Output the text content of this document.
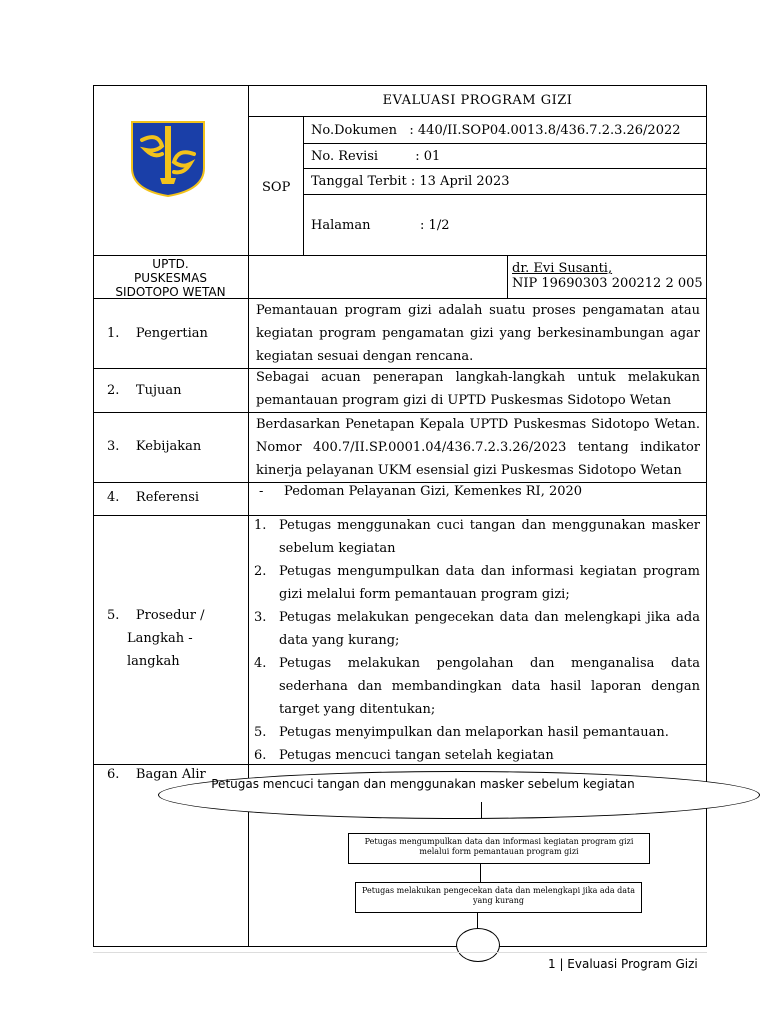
EVALUASI PROGRAM GIZI
SOP
No.Dokumen   : 440/II.SOP04.0013.8/436.7.2.3.26/2022
No. Revisi         : 01
Tanggal Terbit : 13 April 2023
Halaman            : 1/2
UPTD.
PUSKESMAS
SIDOTOPO WETAN
dr. Evi Susanti,
NIP 19690303 200212 2 005
1.    Pengertian
Pemantauan program gizi adalah suatu proses pengamatan atau kegiatan program pengamatan gizi yang berkesinambungan agar kegiatan sesuai dengan rencana.
2.    Tujuan
Sebagai acuan penerapan langkah-langkah untuk melakukan pemantauan program gizi di UPTD Puskesmas Sidotopo Wetan
3.    Kebijakan
Berdasarkan Penetapan Kepala UPTD Puskesmas Sidotopo Wetan. Nomor 400.7/II.SP.0001.04/436.7.2.3.26/2023 tentang indikator kinerja pelayanan UKM esensial gizi Puskesmas Sidotopo Wetan
4.    Referensi	-     Pedoman Pelayanan Gizi, Kemenkes RI, 2020
5.    Prosedur /
Langkah -
langkah
1. Petugas menggunakan cuci tangan dan menggunakan masker sebelum kegiatan
2. Petugas mengumpulkan data dan informasi kegiatan program gizi melalui form pemantauan program gizi;
3. Petugas melakukan pengecekan data dan melengkapi jika ada data yang kurang;
4. Petugas melakukan pengolahan dan menganalisa data sederhana dan membandingkan data hasil laporan dengan target yang ditentukan;
5. Petugas menyimpulkan dan melaporkan hasil pemantauan.
6. Petugas mencuci tangan setelah kegiatan
6.    Bagan Alir
Petugas mencuci tangan dan menggunakan masker sebelum kegiatan
Petugas mengumpulkan data dan informasi kegiatan program gizi melalui form pemantauan program gizi
Petugas melakukan pengecekan data dan melengkapi jika ada data yang kurang
1 | Evaluasi Program Gizi
